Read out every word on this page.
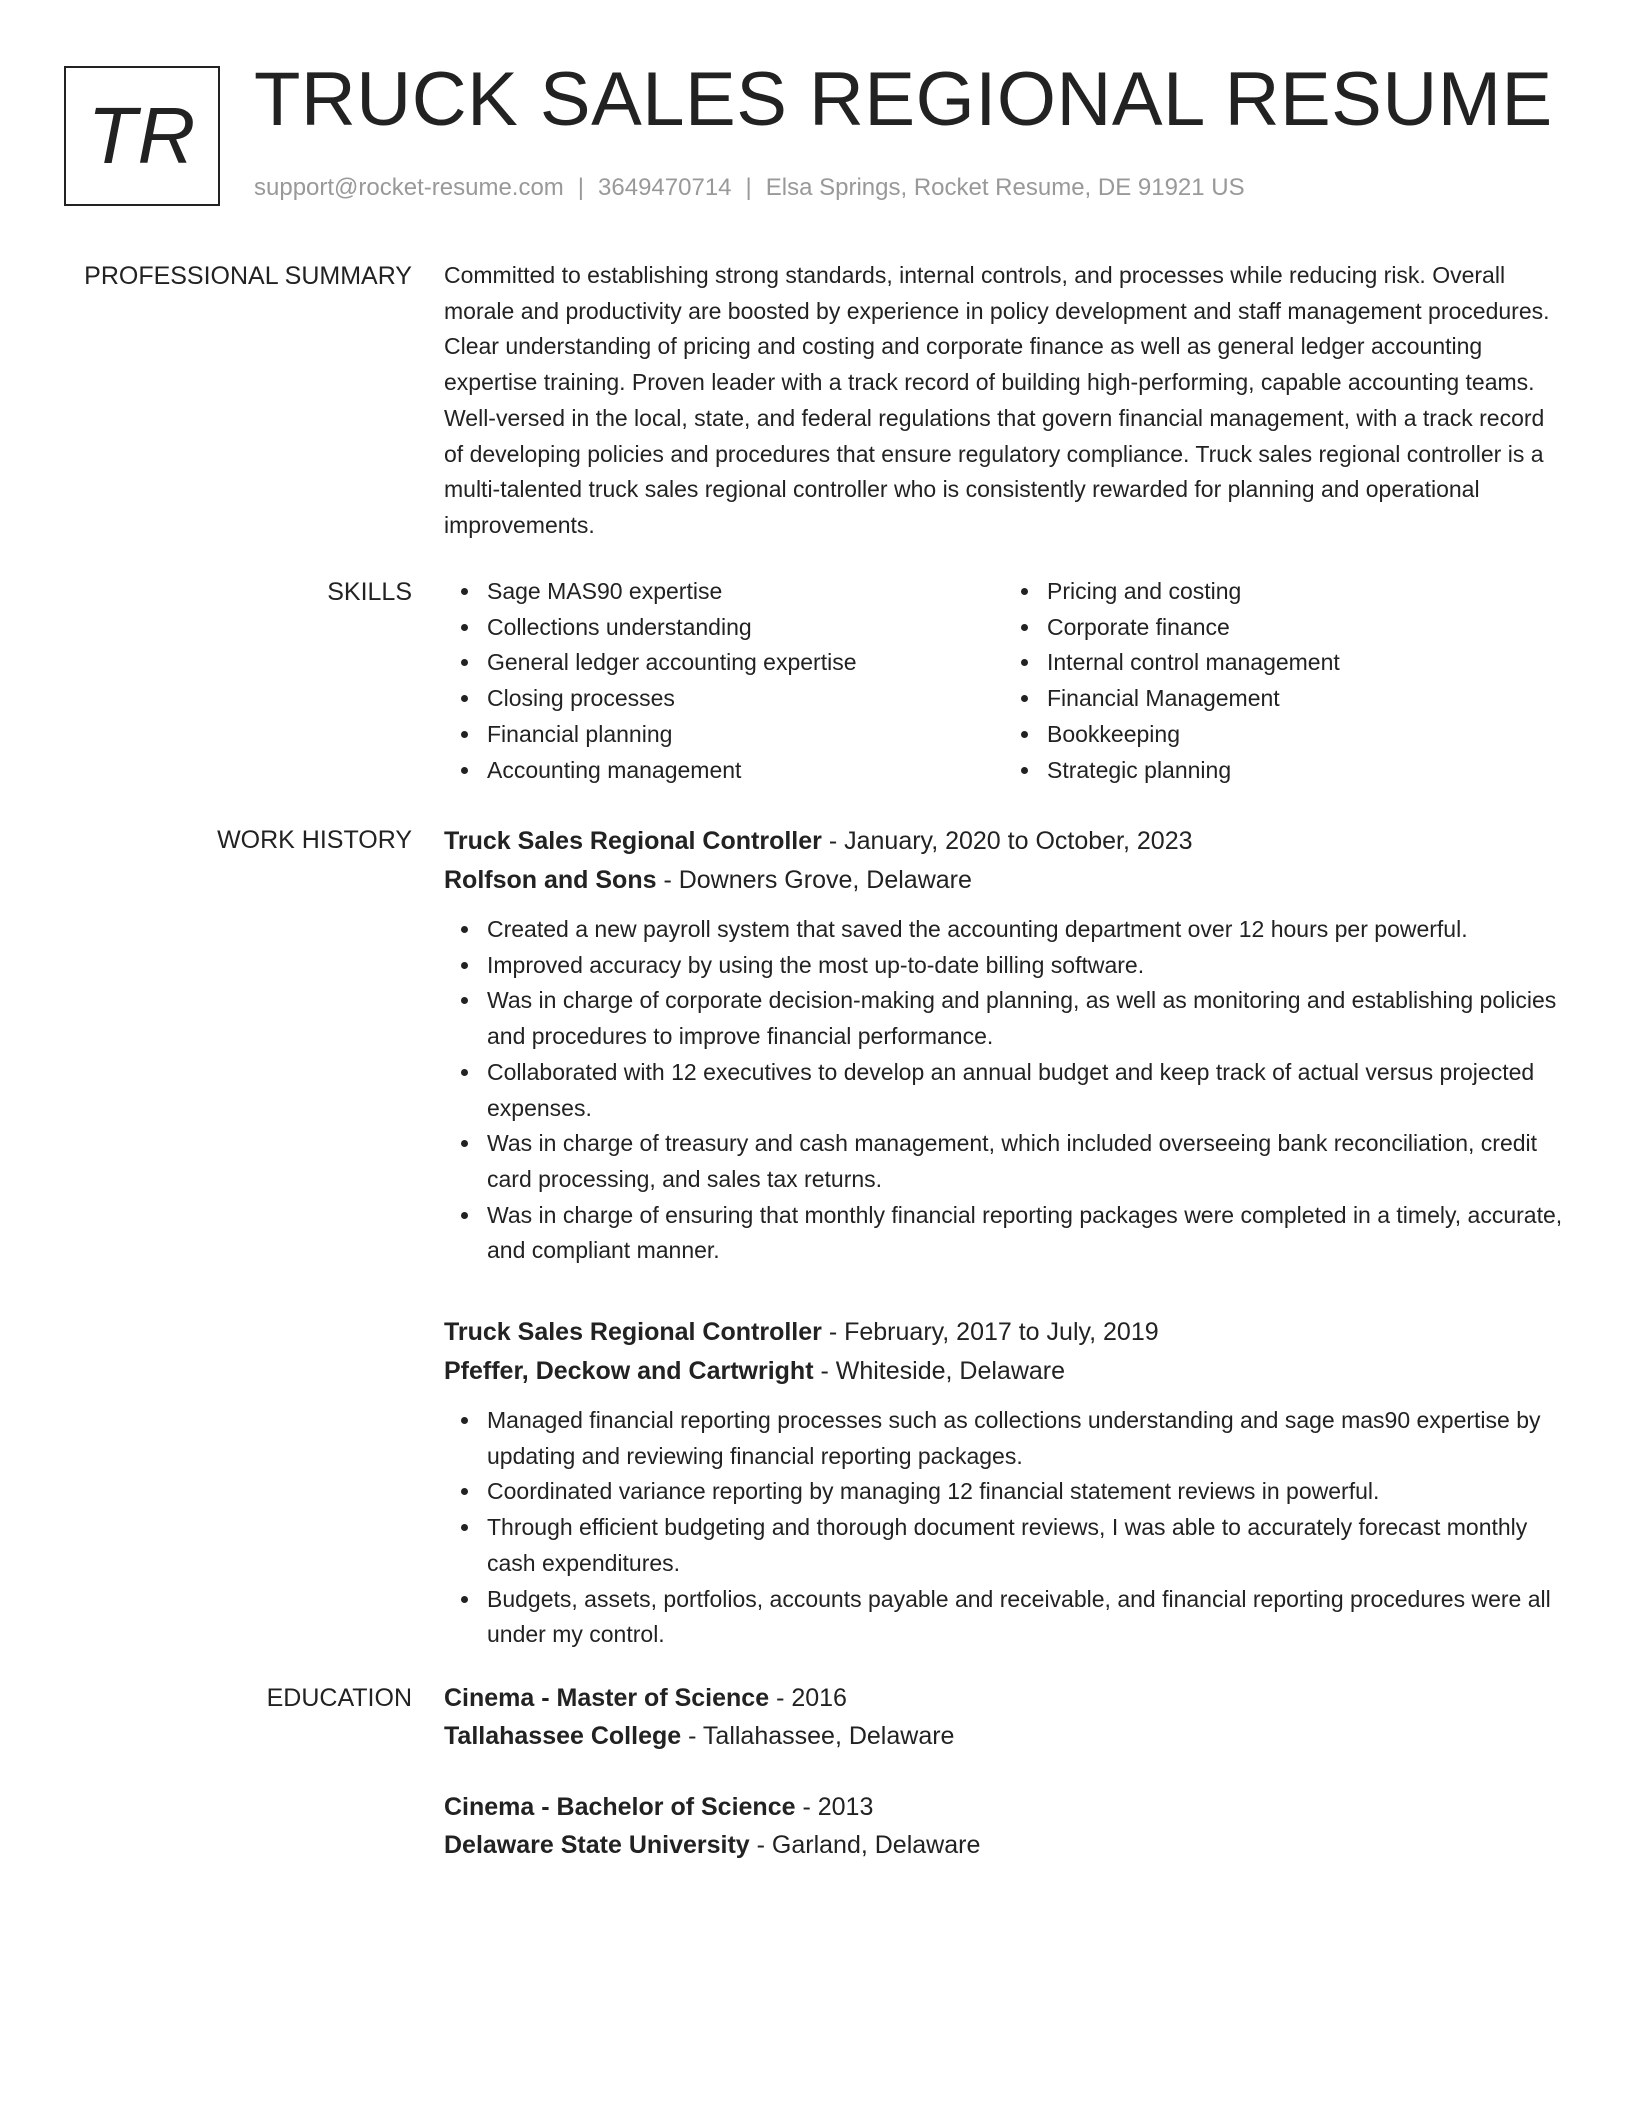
TR TRUCK SALES REGIONAL RESUME
support@rocket-resume.com | 3649470714 | Elsa Springs, Rocket Resume, DE 91921 US
PROFESSIONAL SUMMARY Committed to establishing strong standards, internal controls, and processes while reducing risk. Overall morale and productivity are boosted by experience in policy development and staff management procedures. Clear understanding of pricing and costing and corporate finance as well as general ledger accounting expertise training. Proven leader with a track record of building high-performing, capable accounting teams. Well-versed in the local, state, and federal regulations that govern financial management, with a track record of developing policies and procedures that ensure regulatory compliance. Truck sales regional controller is a multi-talented truck sales regional controller who is consistently rewarded for planning and operational improvements.

SKILLS	Sage MAS90 expertise
Collections understanding
General ledger accounting expertise
Closing processes
Financial planning
Accounting management
Pricing and costing
Corporate finance
Internal control management
Financial Management
Bookkeeping
Strategic planning
WORK HISTORY Truck Sales Regional Controller - January, 2020 to October, 2023
Rolfson and Sons - Downers Grove, Delaware
Created a new payroll system that saved the accounting department over 12 hours per powerful.
Improved accuracy by using the most up-to-date billing software.
Was in charge of corporate decision-making and planning, as well as monitoring and establishing policies and procedures to improve financial performance.
Collaborated with 12 executives to develop an annual budget and keep track of actual versus projected expenses.
Was in charge of treasury and cash management, which included overseeing bank reconciliation, credit card processing, and sales tax returns.
Was in charge of ensuring that monthly financial reporting packages were completed in a timely, accurate, and compliant manner.
Truck Sales Regional Controller - February, 2017 to July, 2019
Pfeffer, Deckow and Cartwright - Whiteside, Delaware
Managed financial reporting processes such as collections understanding and sage mas90 expertise by updating and reviewing financial reporting packages.
Coordinated variance reporting by managing 12 financial statement reviews in powerful.
Through efficient budgeting and thorough document reviews, I was able to accurately forecast monthly cash expenditures.
Budgets, assets, portfolios, accounts payable and receivable, and financial reporting procedures were all under my control.
EDUCATION Cinema - Master of Science - 2016
Tallahassee College - Tallahassee, Delaware
Cinema - Bachelor of Science - 2013
Delaware State University - Garland, Delaware
